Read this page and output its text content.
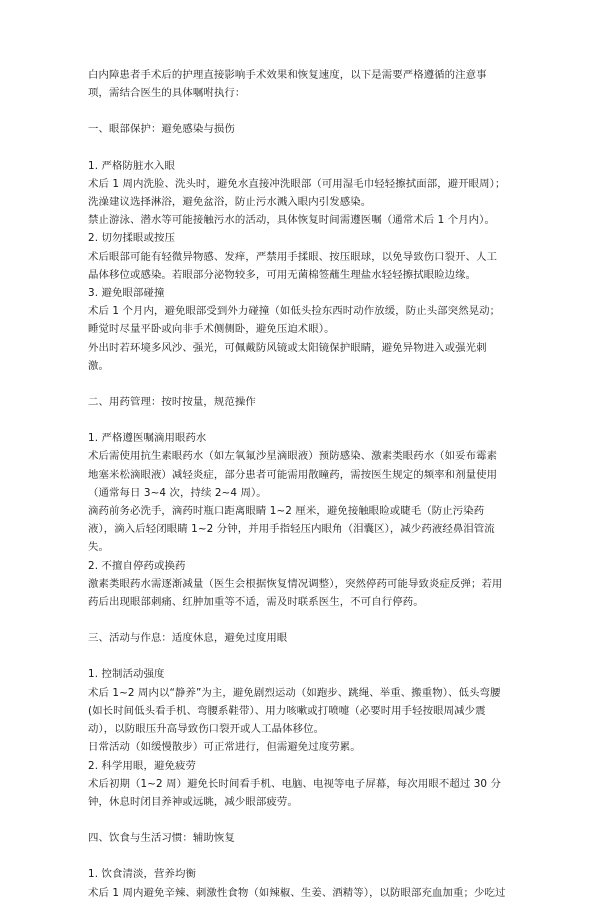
白内障患者手术后的护理直接影响手术效果和恢复速度，以下是需要严格遵循的注意事项，需结合医生的具体嘱咐执行：

一、眼部保护：避免感染与损伤

1. 严格防脏水入眼

术后 1 周内洗脸、洗头时，避免水直接冲洗眼部（可用湿毛巾轻轻擦拭面部，避开眼周）；洗澡建议选择淋浴，避免盆浴，防止污水溅入眼内引发感染。

禁止游泳、潜水等可能接触污水的活动，具体恢复时间需遵医嘱（通常术后 1 个月内）。

2. 切勿揉眼或按压

术后眼部可能有轻微异物感、发痒，严禁用手揉眼、按压眼球，以免导致伤口裂开、人工晶体移位或感染。若眼部分泌物较多，可用无菌棉签蘸生理盐水轻轻擦拭眼睑边缘。

3. 避免眼部碰撞

术后 1 个月内，避免眼部受到外力碰撞（如低头捡东西时动作放缓，防止头部突然晃动；睡觉时尽量平卧或向非手术侧侧卧，避免压迫术眼）。

外出时若环境多风沙、强光，可佩戴防风镜或太阳镜保护眼睛，避免异物进入或强光刺激。

二、用药管理：按时按量，规范操作

1. 严格遵医嘱滴用眼药水

术后需使用抗生素眼药水（如左氧氟沙星滴眼液）预防感染、激素类眼药水（如妥布霉素地塞米松滴眼液）减轻炎症，部分患者可能需用散瞳药，需按医生规定的频率和剂量使用（通常每日 3~4 次，持续 2~4 周）。

滴药前务必洗手，滴药时瓶口距离眼睛 1~2 厘米，避免接触眼睑或睫毛（防止污染药液），滴入后轻闭眼睛 1~2 分钟，并用手指轻压内眼角（泪囊区），减少药液经鼻泪管流失。

2. 不擅自停药或换药

激素类眼药水需逐渐减量（医生会根据恢复情况调整），突然停药可能导致炎症反弹；若用药后出现眼部刺痛、红肿加重等不适，需及时联系医生，不可自行停药。

三、活动与作息：适度休息，避免过度用眼

1. 控制活动强度

术后 1~2 周内以“静养”为主，避免剧烈运动（如跑步、跳绳、举重、搬重物）、低头弯腰(如长时间低头看手机、弯腰系鞋带）、用力咳嗽或打喷嚏（必要时用手轻按眼周减少震动），以防眼压升高导致伤口裂开或人工晶体移位。

日常活动（如缓慢散步）可正常进行，但需避免过度劳累。

2. 科学用眼，避免疲劳

术后初期（1~2 周）避免长时间看手机、电脑、电视等电子屏幕，每次用眼不超过 30 分钟，休息时闭目养神或远眺，减少眼部疲劳。

四、饮食与生活习惯：辅助恢复

1. 饮食清淡，营养均衡

术后 1 周内避免辛辣、刺激性食物（如辣椒、生姜、酒精等），以防眼部充血加重；少吃过
